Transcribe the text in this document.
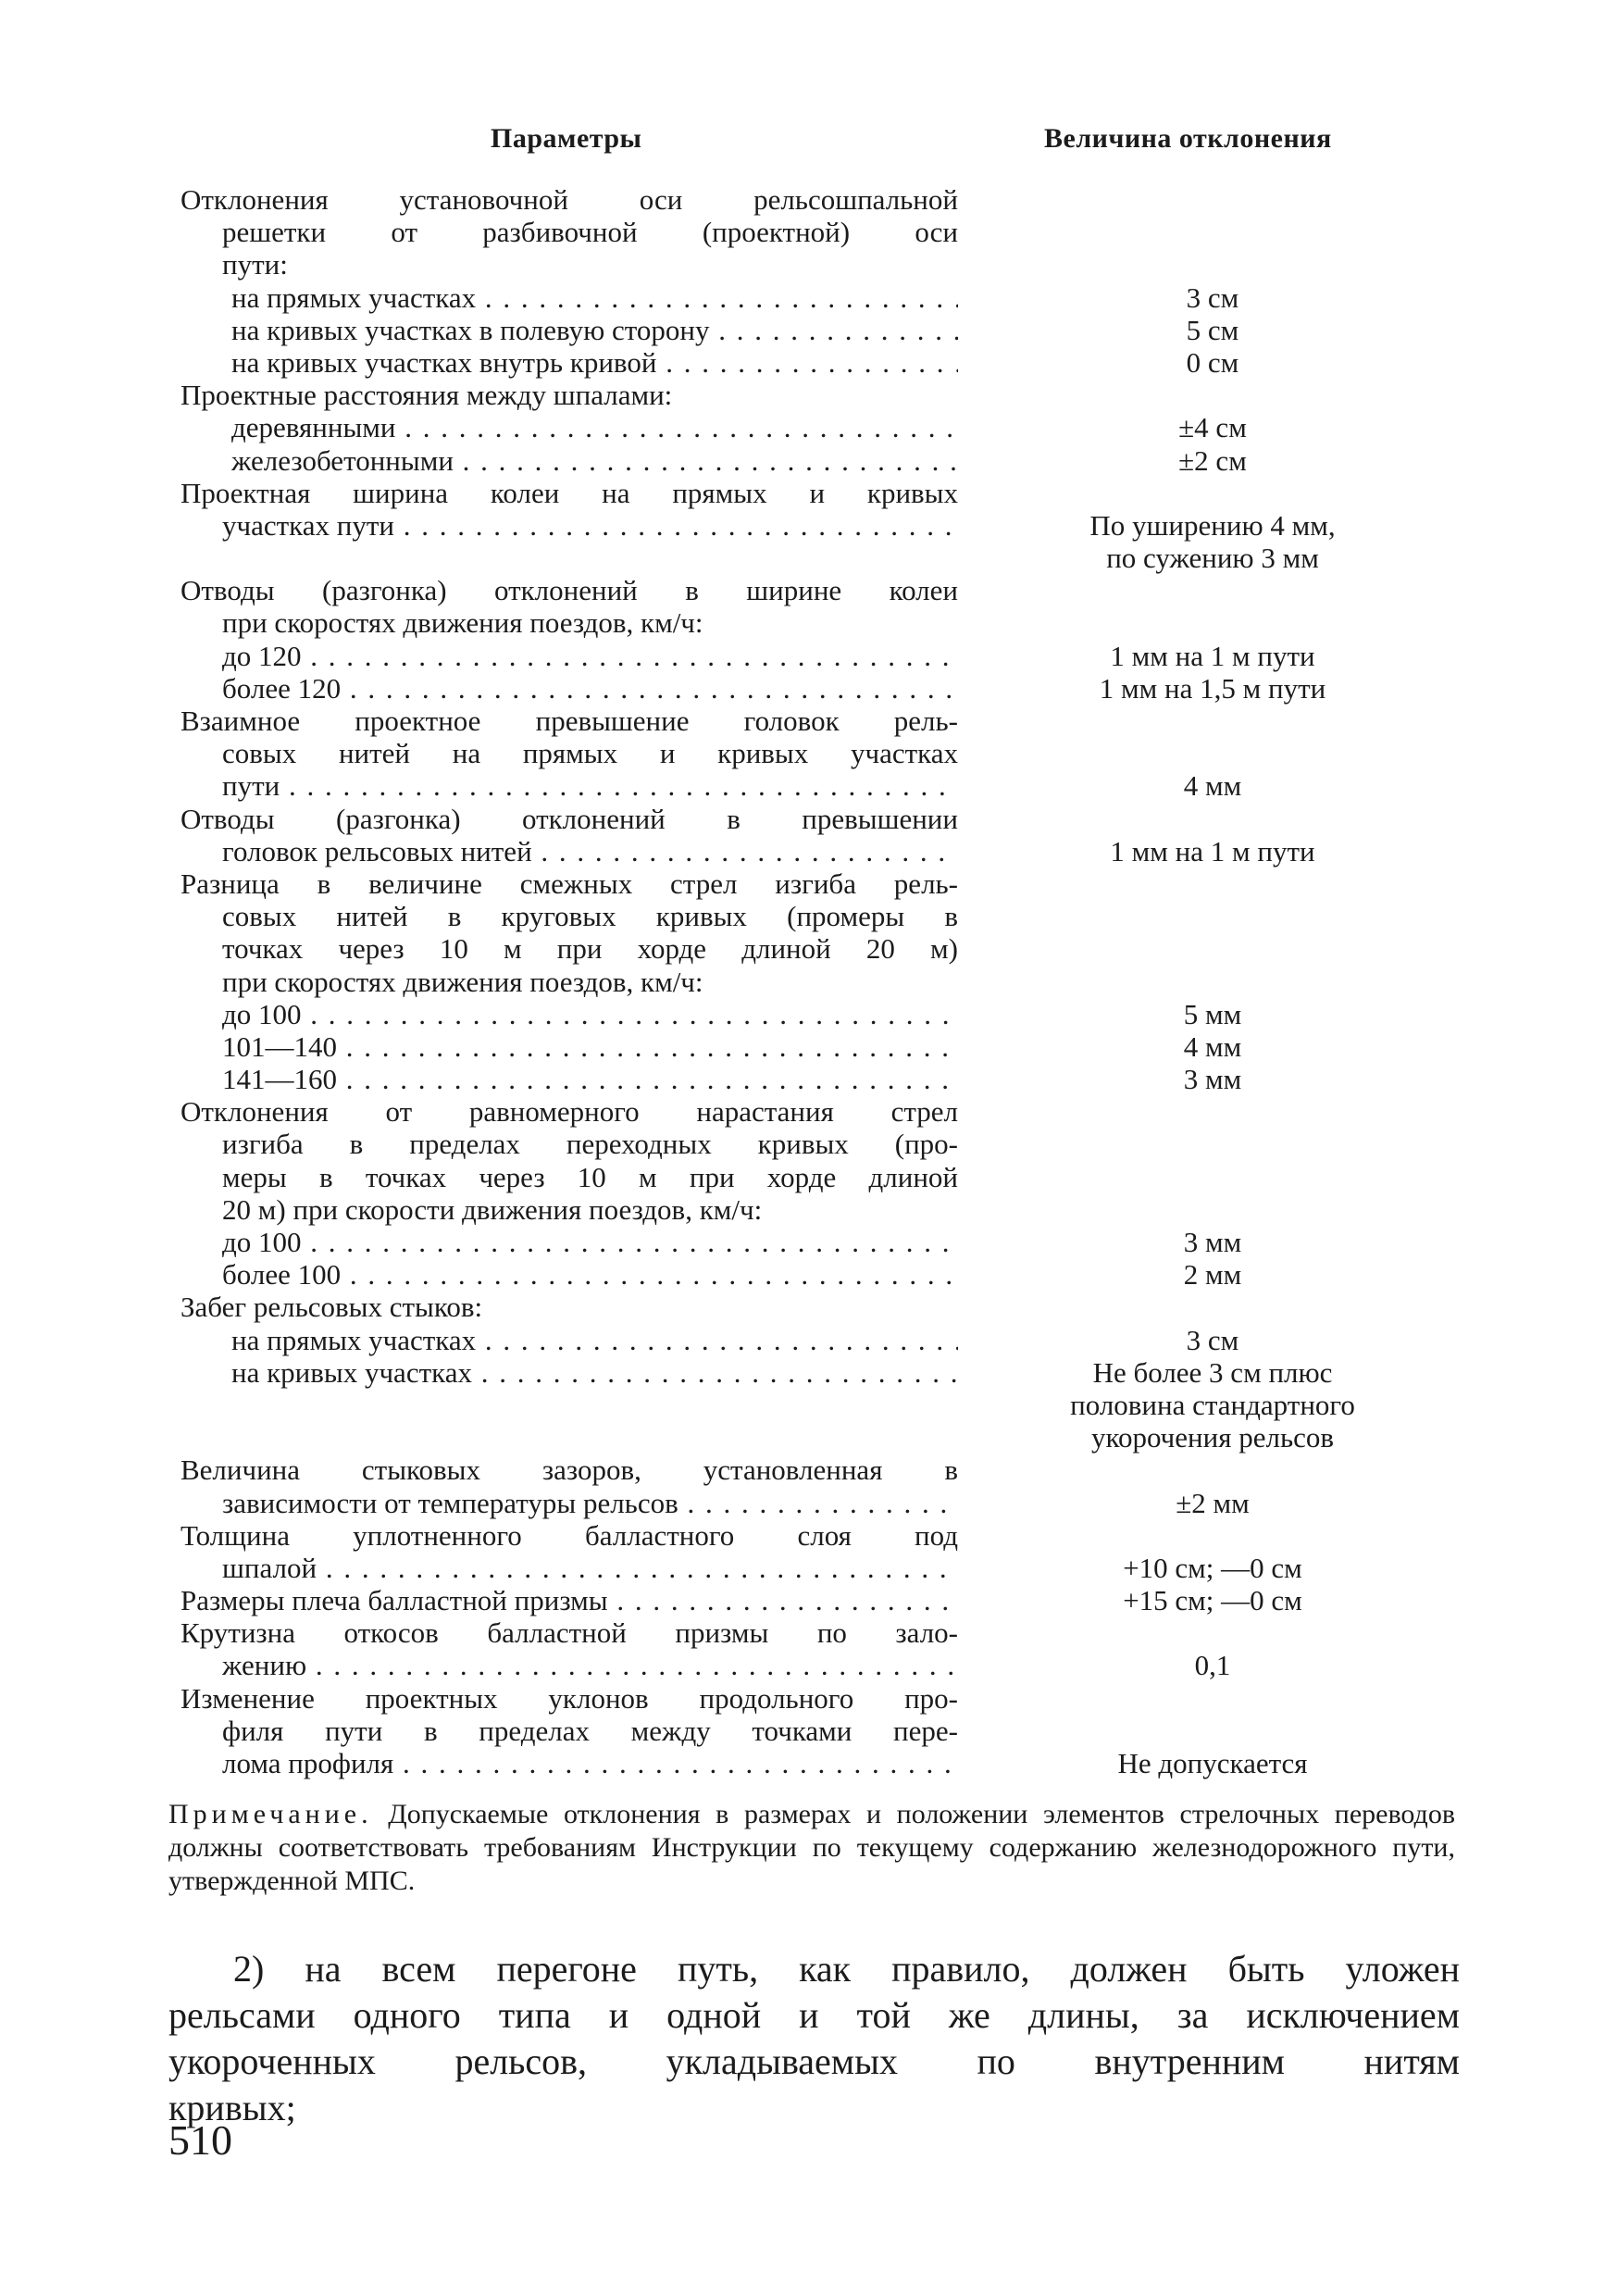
Параметры	Величина отклонения
Отклонения установочной оси рельсошпальной
решетки от разбивочной (проектной) оси
пути:
на прямых участках . . .	3 см
на кривых участках в полевую сторону . . .	5 см
на кривых участках внутрь кривой . . .	0 см
Проектные расстояния между шпалами:
деревянными . . .	±4 см
железобетонными . . .	±2 см
Проектная ширина колеи на прямых и кривых
участках пути . . .	По уширению 4 мм,
по сужению 3 мм
Отводы (разгонка) отклонений в ширине колеи
при скоростях движения поездов, км/ч:
до 120 . . .	1 мм на 1 м пути
более 120 . . .	1 мм на 1,5 м пути
Взаимное проектное превышение головок рель-
совых нитей на прямых и кривых участках
пути . . .	4 мм
Отводы (разгонка) отклонений в превышении
головок рельсовых нитей . . .	1 мм на 1 м пути
Разница в величине смежных стрел изгиба рель-
совых нитей в круговых кривых (промеры в
точках через 10 м при хорде длиной 20 м)
при скоростях движения поездов, км/ч:
до 100 . . .	5 мм
101—140 . . .	4 мм
141—160 . . .	3 мм
Отклонения от равномерного нарастания стрел
изгиба в пределах переходных кривых (про-
меры в точках через 10 м при хорде длиной
20 м) при скорости движения поездов, км/ч:
до 100 . . .	3 мм
более 100 . . .	2 мм
Забег рельсовых стыков:
на прямых участках . . .	3 см
на кривых участках . . .	Не более 3 см плюс
половина стандартного
укорочения рельсов
Величина стыковых зазоров, установленная в
зависимости от температуры рельсов . . .	±2 мм
Толщина уплотненного балластного слоя под
шпалой . . .	+10 см; —0 см
Размеры плеча балластной призмы . . .	+15 см; —0 см
Крутизна откосов балластной призмы по зало-
жению . . .	0,1
Изменение проектных уклонов продольного про-
филя пути в пределах между точками пере-
лома профиля . . .	Не допускается
Примечание. Допускаемые отклонения в размерах и положении элементов стрелочных переводов должны соответствовать требованиям Инструкции по текущему содержанию железнодорожного пути, утвержденной МПС.
2) на всем перегоне путь, как правило, должен быть уложен
рельсами одного типа и одной и той же длины, за исключением
укороченных рельсов, укладываемых по внутренним нитям
кривых;
510
